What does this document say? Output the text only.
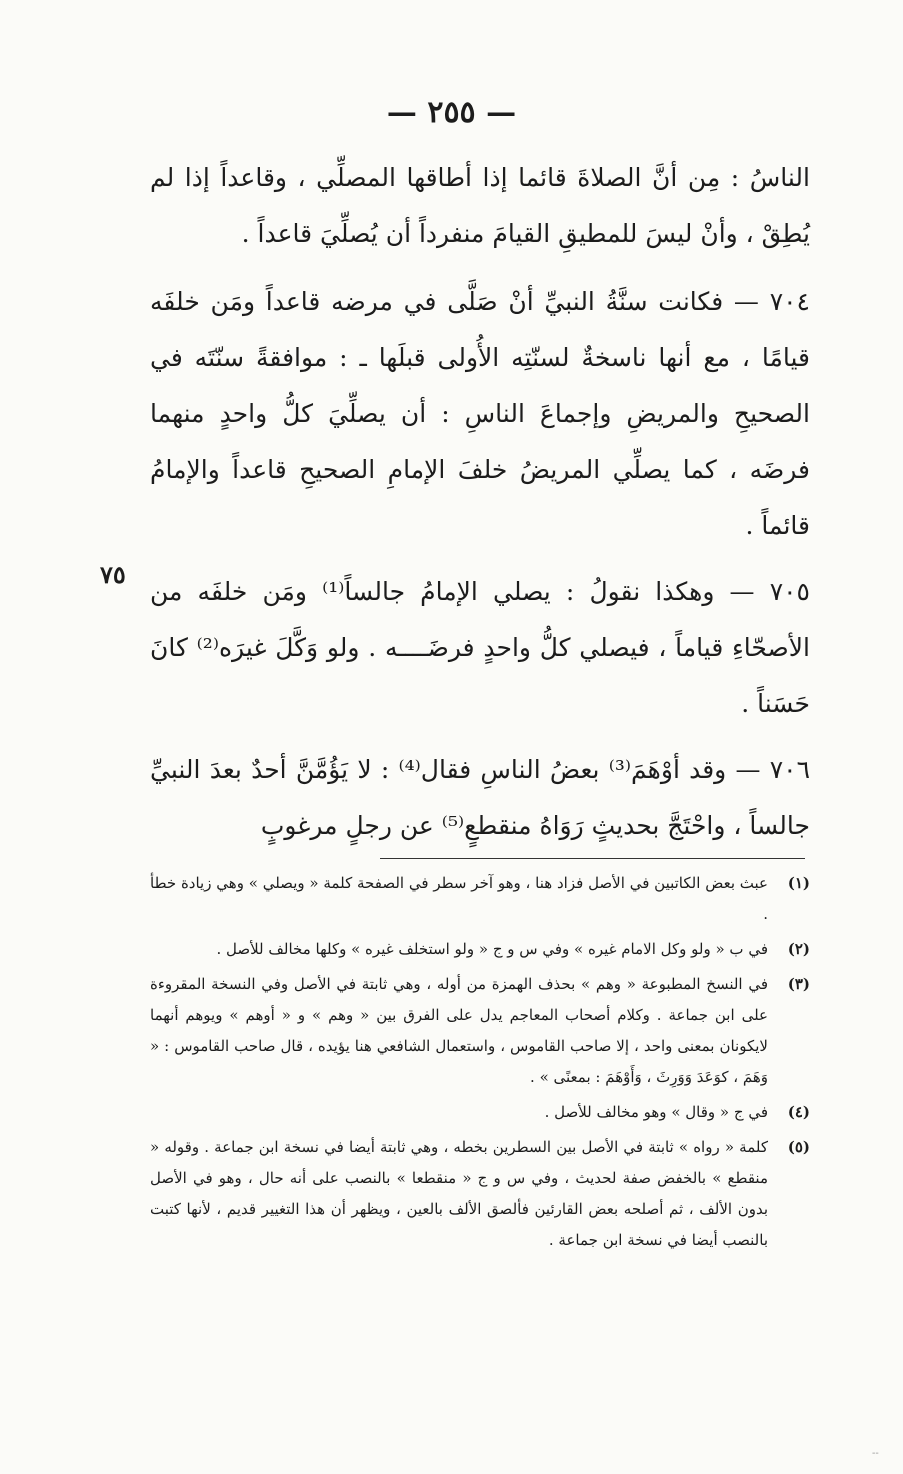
— ٢٥٥ —
٧٥

الناسُ : مِن أنَّ الصلاةَ قائما إذا أطاقها المصلِّي ، وقاعداً إذا لم يُطِقْ ، وأنْ ليسَ للمطيقِ القيامَ منفرداً أن يُصلِّيَ قاعداً .

٧٠٤ — فكانت سنَّةُ النبيِّ أنْ صَلَّى في مرضه قاعداً ومَن خلفَه قيامًا ، مع أنها ناسخةٌ لسنّتِه الأُولى قبلَها ـ : موافقةً سنّتَه في الصحيحِ والمريضِ وإجماعَ الناسِ : أن يصلِّيَ كلُّ واحدٍ منهما فرضَه ، كما يصلِّي المريضُ خلفَ الإمامِ الصحيحِ قاعداً والإمامُ قائماً .

٧٠٥ — وهكذا نقولُ : يصلي الإمامُ جالساً⁽¹⁾ ومَن خلفَه من الأصحّاءِ قياماً ، فيصلي كلُّ واحدٍ فرضَــــه . ولو وَكَّلَ غيرَه⁽²⁾ كانَ حَسَناً .

٧٠٦ — وقد أوْهَمَ⁽³⁾ بعضُ الناسِ فقال⁽⁴⁾ : لا يَؤُمَّنَّ أحدٌ بعدَ النبيِّ جالساً ، واحْتَجَّ بحديثٍ رَوَاهُ منقطعٍ⁽⁵⁾ عن رجلٍ مرغوبٍ

(١)
عبث بعض الكاتبين في الأصل فزاد هنا ، وهو آخر سطر في الصفحة كلمة « ويصلي » وهي زيادة خطأ .
(٢)
في ب « ولو وكل الامام غيره » وفي س و ج « ولو استخلف غيره » وكلها مخالف للأصل .
(٣)
في النسخ المطبوعة « وهم » بحذف الهمزة من أوله ، وهي ثابتة في الأصل وفي النسخة المقروءة على ابن جماعة . وكلام أصحاب المعاجم يدل على الفرق بين « وهم » و « أوهم » ويوهم أنهما لايكونان بمعنى واحد ، إلا صاحب القاموس ، واستعمال الشافعي هنا يؤيده ، قال صاحب القاموس : « وَهَمَ ، كوَعَدَ وَوَرِثَ ، وَأَوْهَمَ : بمعنًى » .
(٤)
في ج « وقال » وهو مخالف للأصل .
(٥)
كلمة « رواه » ثابتة في الأصل بين السطرين بخطه ، وهي ثابتة أيضا في نسخة ابن جماعة . وقوله « منقطع » بالخفض صفة لحديث ، وفي س و ج « منقطعا » بالنصب على أنه حال ، وهو في الأصل بدون الألف ، ثم أصلحه بعض القارئين فألصق الألف بالعين ، ويظهر أن هذا التغيير قديم ، لأنها كتبت بالنصب أيضا في نسخة ابن جماعة .
--
